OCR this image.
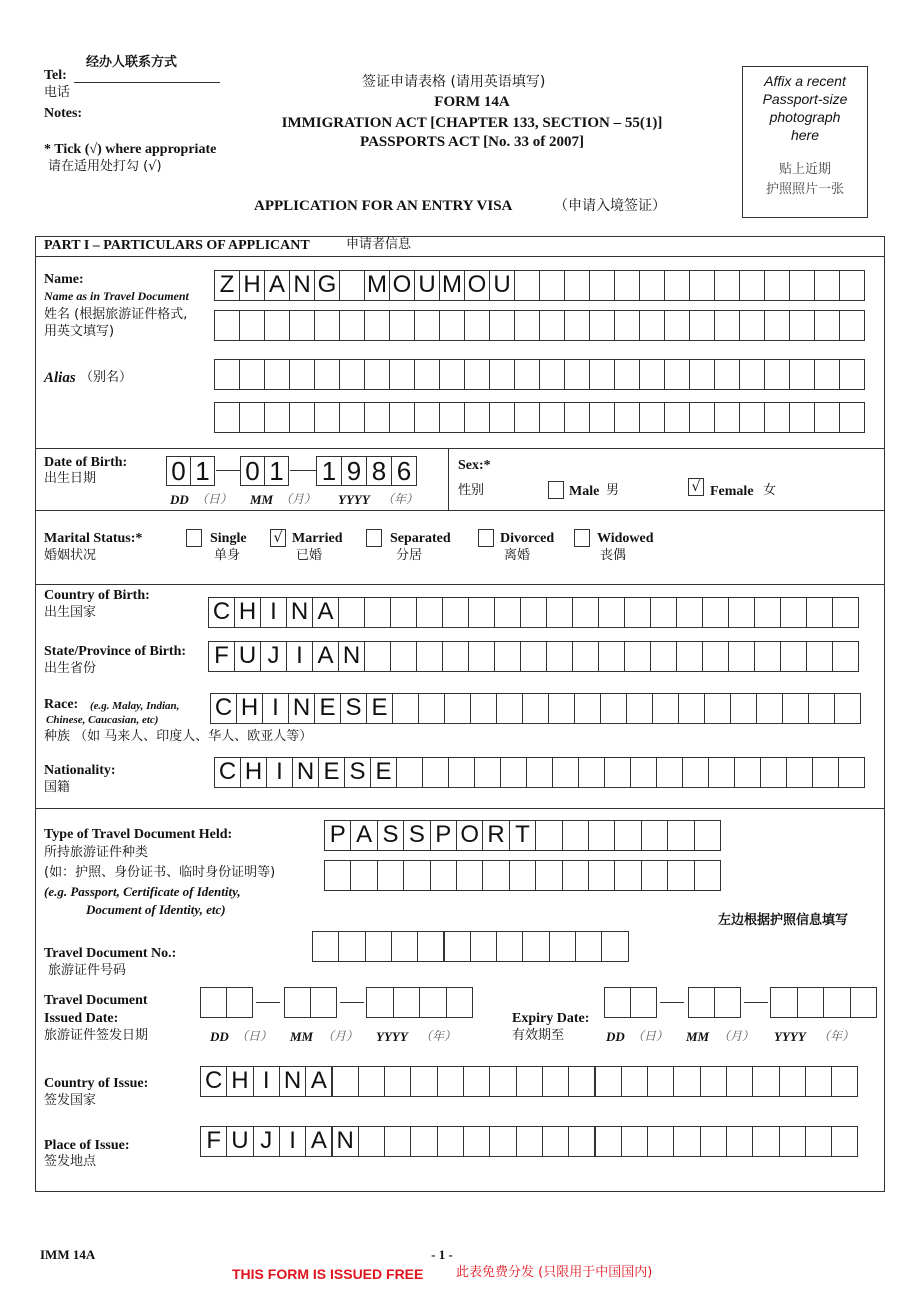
经办人联系方式
Tel:
电话
Notes:
* Tick (√) where appropriate
请在适用处打勾 (√)
签证申请表格 (请用英语填写)
FORM 14A
IMMIGRATION ACT [CHAPTER 133, SECTION – 55(1)]
PASSPORTS ACT [No. 33 of 2007]
APPLICATION FOR AN ENTRY VISA	（申请入境签证）
Affix a recent
Passport-size
photograph
here
贴上近期
护照照片一张
PART I – PARTICULARS OF APPLICANT	申请者信息
Name:
Name as in Travel Document
姓名 (根据旅游证件格式,
用英文填写)
Z H A N G M O U M O U
Alias （别名）
Date of Birth:
出生日期	0 1 0 1 1 9 8 6
DD （日） MM （月） YYYY （年）
Sex:*
性别	Male 男	√ Female 女
Marital Status:*
婚姻状况
Single
单身
√ Married
已婚
Separated
分居
Divorced
离婚
Widowed
丧偶
Country of Birth:
出生国家	C H I N A
State/Province of Birth:
出生省份	F U J I A N
Race: (e.g. Malay, Indian,
Chinese, Caucasian, etc)
种族 （如 马来人、印度人、华人、欧亚人等）
C H I N E S E
Nationality:
国籍
C H I N E S E
Type of Travel Document Held:
所持旅游证件种类
(如：护照、身份证书、临时身份证明等)
(e.g. Passport, Certificate of Identity,
Document of Identity, etc)
P A S S P O R T
左边根据护照信息填写
Travel Document No.:
旅游证件号码
Travel Document
Issued Date:
旅游证件签发日期	DD （日） MM （月） YYYY （年）
Expiry Date:
有效期至	DD （日） MM （月） YYYY （年）
Country of Issue:
签发国家
C H I N A
Place of Issue:
签发地点
F U J I A N
IMM 14A	- 1 -
THIS FORM IS ISSUED FREE	此表免费分发 (只限用于中国国内)
